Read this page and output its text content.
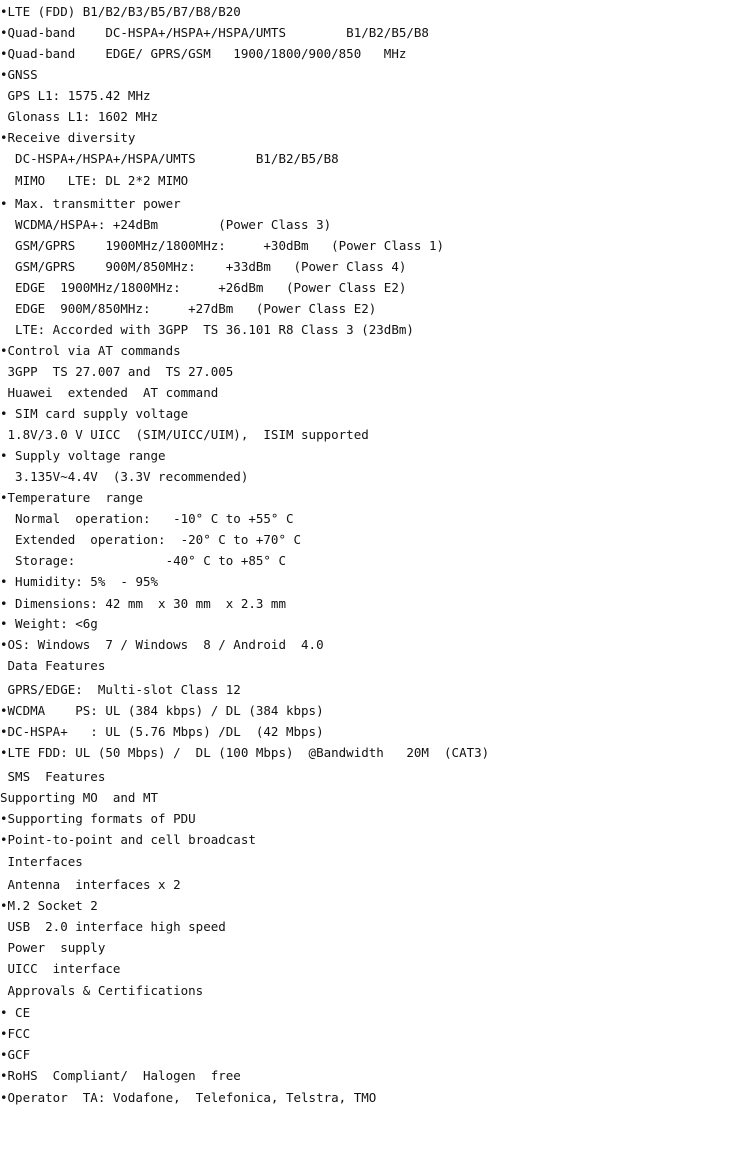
•LTE (FDD) B1/B2/B3/B5/B7/B8/B20

•Quad-band    DC-HSPA+/HSPA+/HSPA/UMTS        B1/B2/B5/B8

•Quad-band    EDGE/ GPRS/GSM   1900/1800/900/850   MHz

•GNSS

GPS L1: 1575.42 MHz

Glonass L1: 1602 MHz

•Receive diversity

DC-HSPA+/HSPA+/HSPA/UMTS        B1/B2/B5/B8

MIMO   LTE: DL 2*2 MIMO

• Max. transmitter power

WCDMA/HSPA+: +24dBm        (Power Class 3)

GSM/GPRS    1900MHz/1800MHz:     +30dBm   (Power Class 1)

GSM/GPRS    900M/850MHz:    +33dBm   (Power Class 4)

EDGE  1900MHz/1800MHz:     +26dBm   (Power Class E2)

EDGE  900M/850MHz:     +27dBm   (Power Class E2)

LTE: Accorded with 3GPP  TS 36.101 R8 Class 3 (23dBm)

•Control via AT commands

3GPP  TS 27.007 and  TS 27.005

Huawei  extended  AT command

• SIM card supply voltage

1.8V/3.0 V UICC  (SIM/UICC/UIM),  ISIM supported

• Supply voltage range

3.135V~4.4V  (3.3V recommended)

•Temperature  range

Normal  operation:   -10° C to +55° C

Extended  operation:  -20° C to +70° C

Storage:            -40° C to +85° C

• Humidity: 5%  - 95%

• Dimensions: 42 mm  x 30 mm  x 2.3 mm

• Weight: <6g

•OS: Windows  7 / Windows  8 / Android  4.0

Data Features

GPRS/EDGE:  Multi-slot Class 12

•WCDMA    PS: UL (384 kbps) / DL (384 kbps)

•DC-HSPA+   : UL (5.76 Mbps) /DL  (42 Mbps)

•LTE FDD: UL (50 Mbps) /  DL (100 Mbps)  @Bandwidth   20M  (CAT3)

SMS  Features

Supporting MO  and MT

•Supporting formats of PDU

•Point-to-point and cell broadcast

Interfaces

Antenna  interfaces x 2

•M.2 Socket 2

USB  2.0 interface high speed

Power  supply

UICC  interface

Approvals & Certifications

• CE

•FCC

•GCF

•RoHS  Compliant/  Halogen  free

•Operator  TA: Vodafone,  Telefonica, Telstra, TMO
